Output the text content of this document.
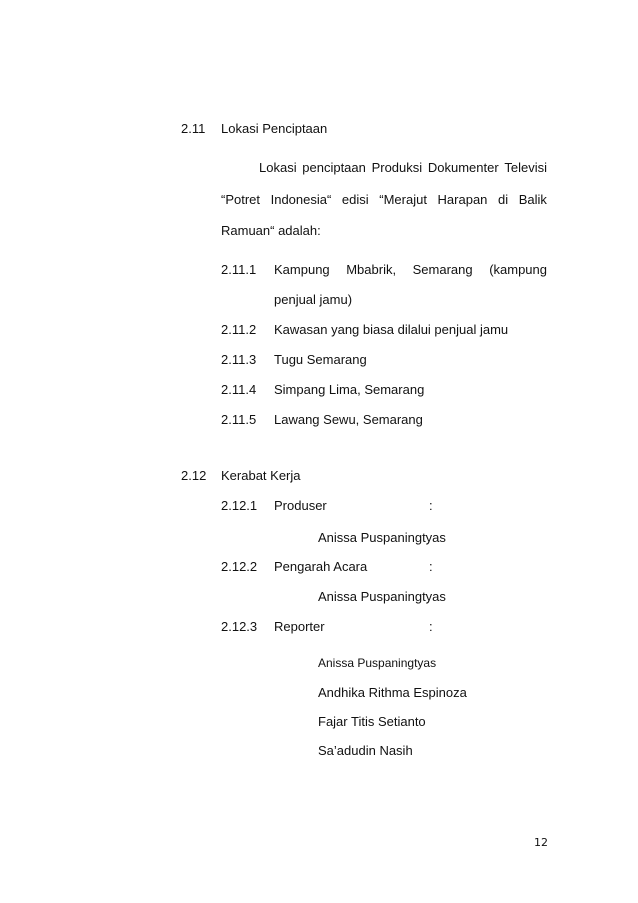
2.11 Lokasi Penciptaan
Lokasi penciptaan Produksi Dokumenter Televisi
“Potret Indonesia“ edisi “Merajut Harapan di Balik
Ramuan“ adalah:
2.11.1 Kampung Mbabrik, Semarang (kampung
penjual jamu)
2.11.2 Kawasan yang biasa dilalui penjual jamu
2.11.3 Tugu Semarang
2.11.4 Simpang Lima, Semarang
2.11.5 Lawang Sewu, Semarang
2.12 Kerabat Kerja
2.12.1 Produser	:
Anissa Puspaningtyas
2.12.2 Pengarah Acara	:
Anissa Puspaningtyas
2.12.3 Reporter	:
Anissa Puspaningtyas
Andhika Rithma Espinoza
Fajar Titis Setianto
Sa’adudin Nasih
12
